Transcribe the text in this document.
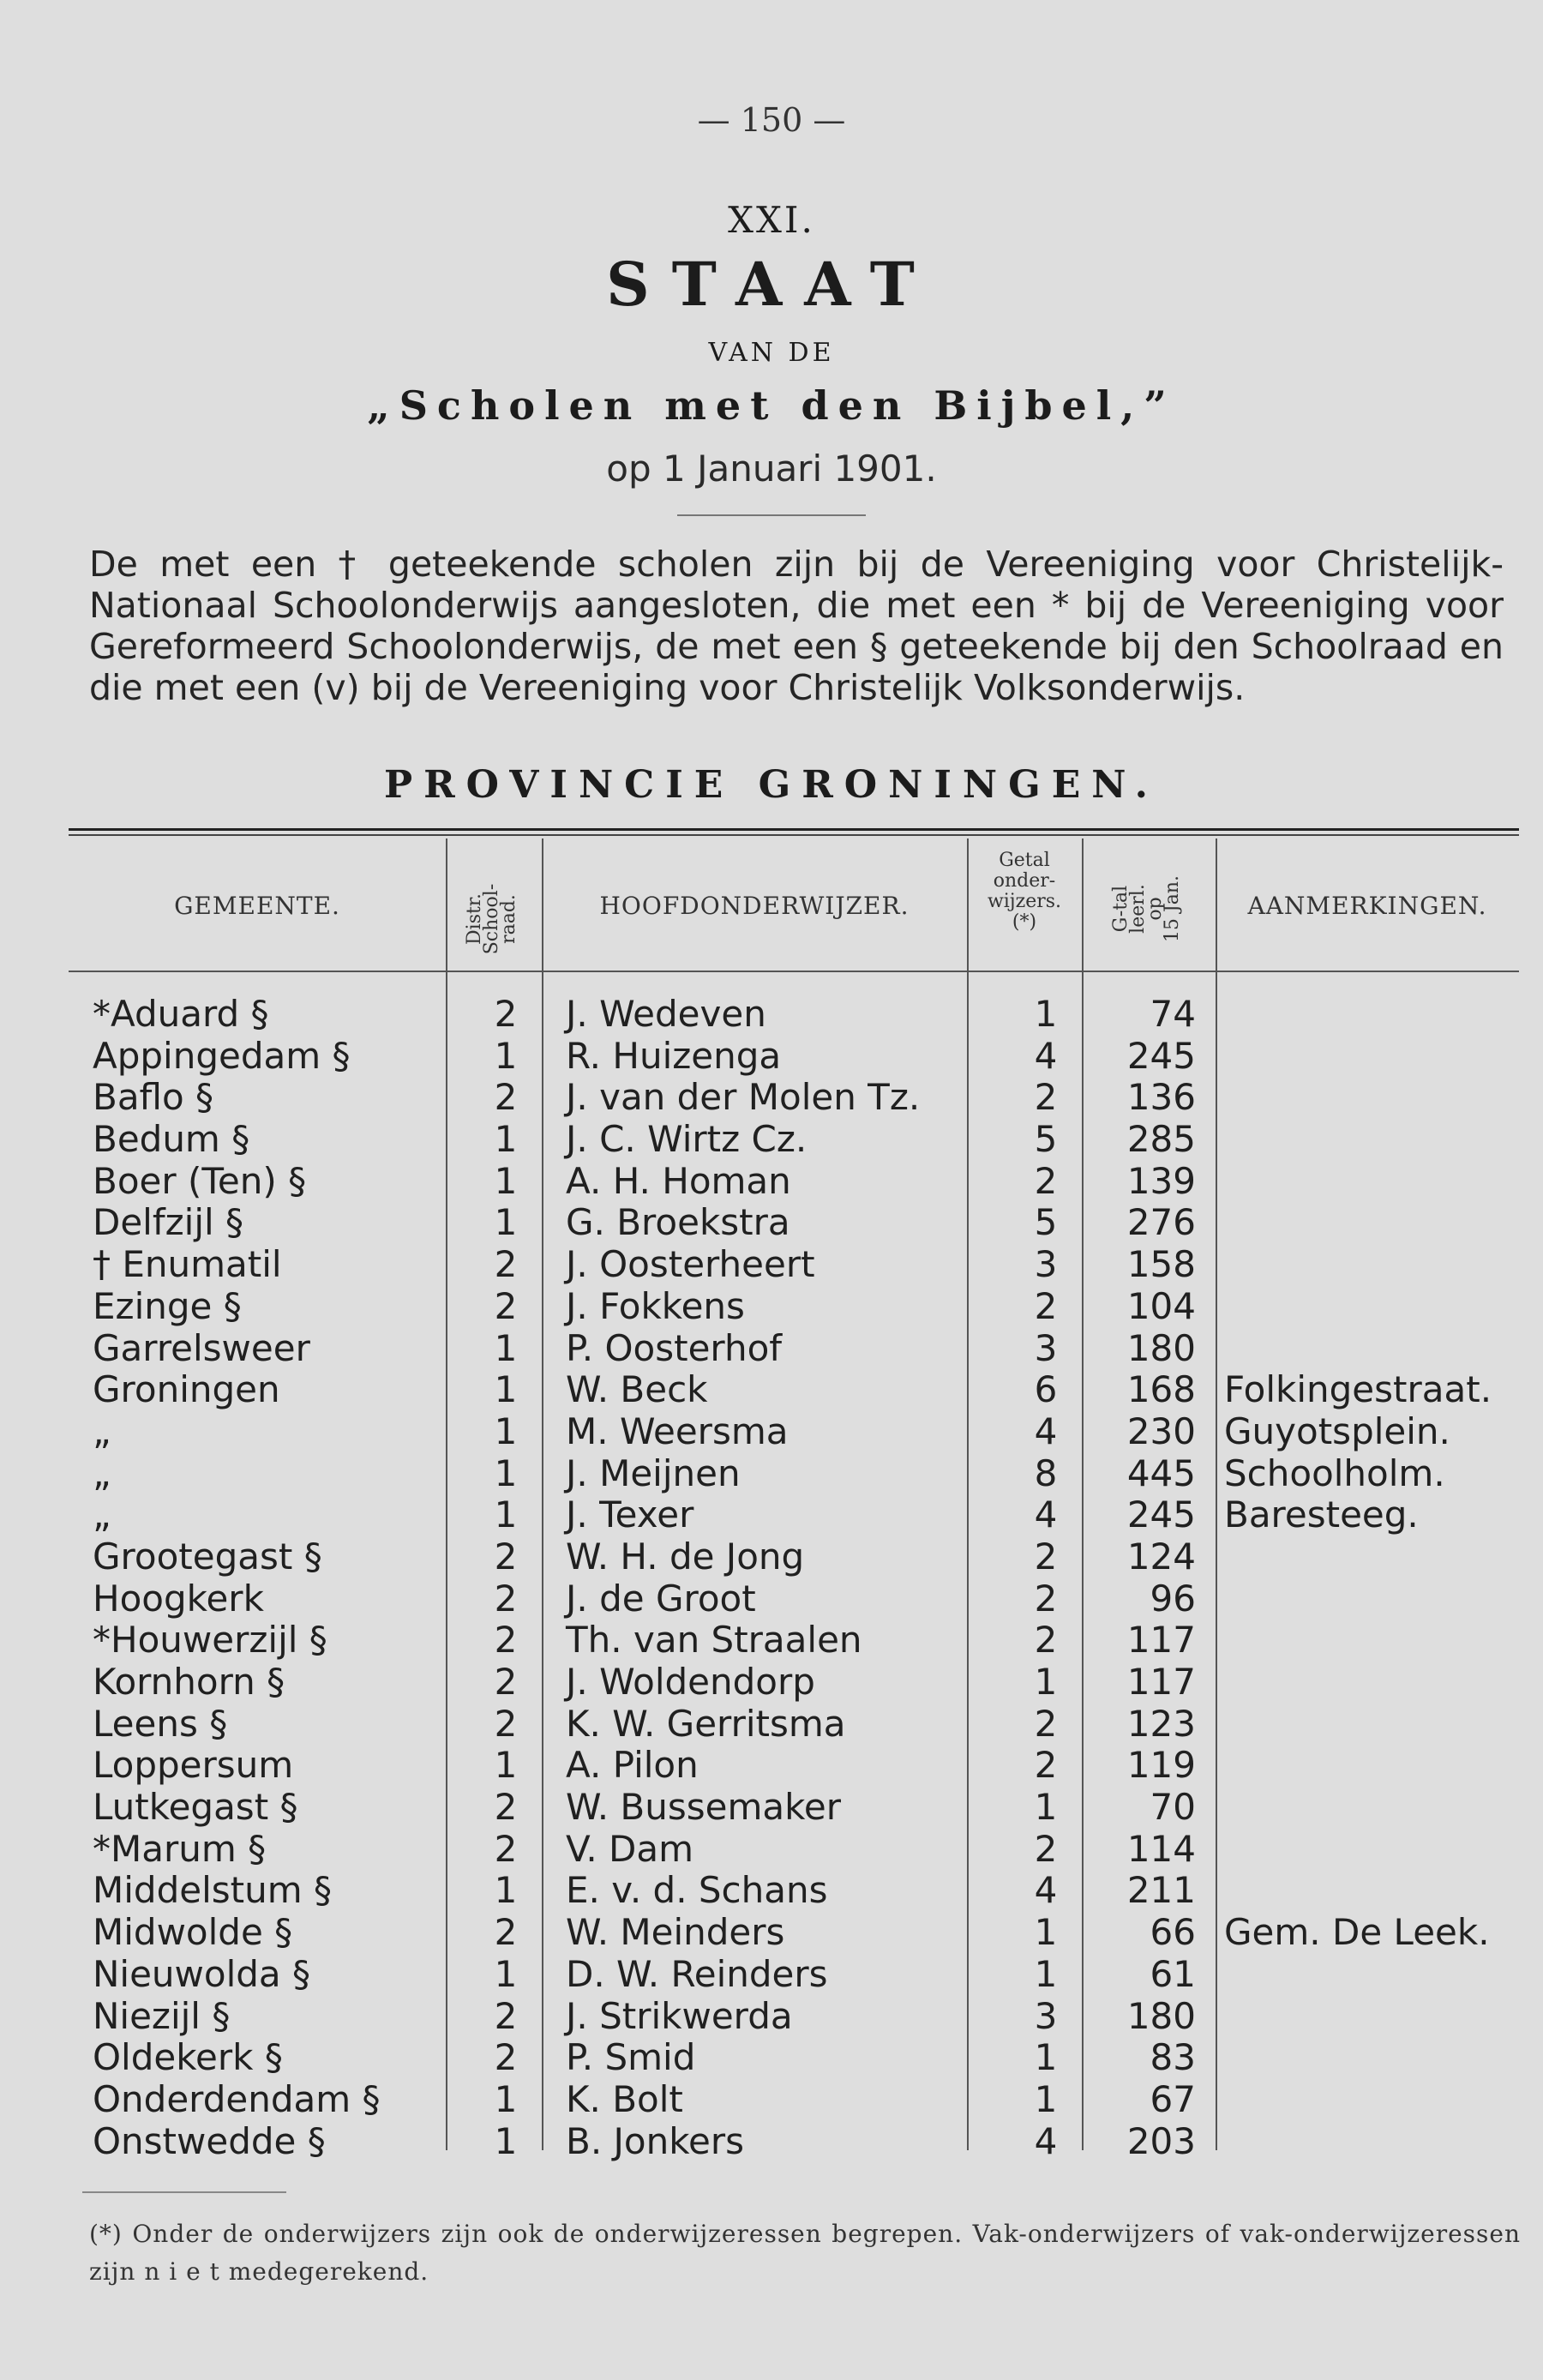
— 150 —
XXI.
STAAT
VAN DE
„Scholen met den Bijbel,”
op 1 Januari 1901.
De met een † geteekende scholen zijn bij de Vereeniging voor Christelijk-Nationaal Schoolonderwijs aangesloten, die met een * bij de Vereeniging voor Gereformeerd Schoolonderwijs, de met een § geteekende bij den Schoolraad en die met een (v) bij de Vereeniging voor Christelijk Volksonderwijs.
PROVINCIE GRONINGEN.
GEMEENTE.	Distr.
School-
raad.	HOOFDONDERWIJZER.
Getal
onder-
wijzers.
(*)	G-tal
leerl.
op
15 Jan.	AANMERKINGEN.
*Aduard §	2	J. Wedeven	1	74
Appingedam §	1	R. Huizenga	4	245
Baflo §	2	J. van der Molen Tz.	2	136
Bedum §	1	J. C. Wirtz Cz.	5	285
Boer (Ten) §	1	A. H. Homan	2	139
Delfzijl §	1	G. Broekstra	5	276
† Enumatil	2	J. Oosterheert	3	158
Ezinge §	2	J. Fokkens	2	104
Garrelsweer	1	P. Oosterhof	3	180
Groningen	1	W. Beck	6	168 Folkingestraat.
„	1	M. Weersma	4	230 Guyotsplein.
„	1	J. Meijnen	8	445 Schoolholm.
„	1	J. Texer	4	245 Baresteeg.
Grootegast §	2	W. H. de Jong	2	124
Hoogkerk	2	J. de Groot	2	96
*Houwerzijl §	2	Th. van Straalen	2	117
Kornhorn §	2	J. Woldendorp	1	117
Leens §	2	K. W. Gerritsma	2	123
Loppersum	1	A. Pilon	2	119
Lutkegast §	2	W. Bussemaker	1	70
*Marum §	2	V. Dam	2	114
Middelstum §	1	E. v. d. Schans	4	211
Midwolde §	2	W. Meinders	1	66 Gem. De Leek.
Nieuwolda §	1	D. W. Reinders	1	61
Niezijl §	2	J. Strikwerda	3	180
Oldekerk §	2	P. Smid	1	83
Onderdendam §	1	K. Bolt	1	67
Onstwedde §	1	B. Jonkers	4	203
(*) Onder de onderwijzers zijn ook de onderwijzeressen begrepen. Vak-onderwijzers of vak-onderwijzeressen zijn n i e t medegerekend.
